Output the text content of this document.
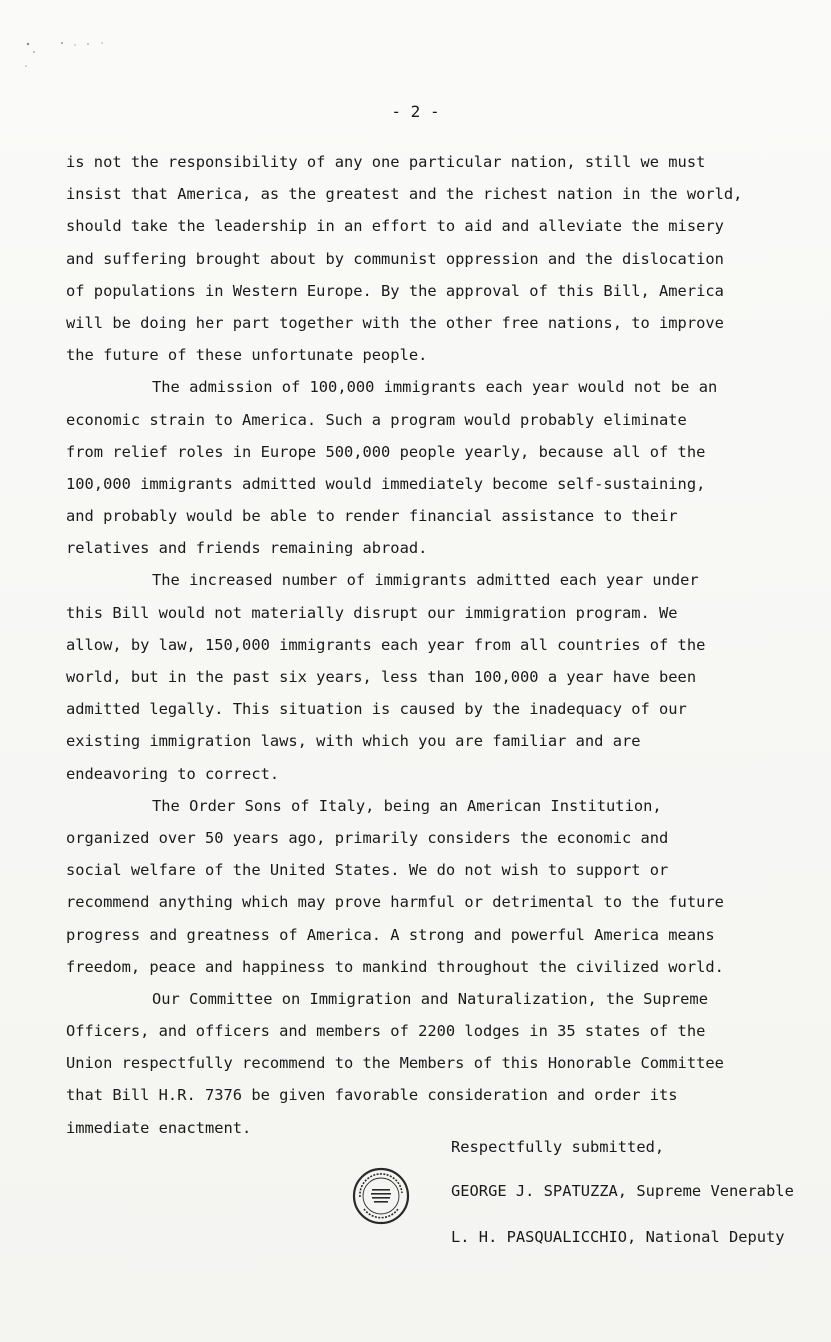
- 2 -
is not the responsibility of any one particular nation, still we must
insist that America, as the greatest and the richest nation in the world,
should take the leadership in an effort to aid and alleviate the misery
and suffering brought about by communist oppression and the dislocation
of populations in Western Europe. By the approval of this Bill, America
will be doing her part together with the other free nations, to improve
the future of these unfortunate people.
The admission of 100,000 immigrants each year would not be an
economic strain to America. Such a program would probably eliminate
from relief roles in Europe 500,000 people yearly, because all of the
100,000 immigrants admitted would immediately become self-sustaining,
and probably would be able to render financial assistance to their
relatives and friends remaining abroad.
The increased number of immigrants admitted each year under
this Bill would not materially disrupt our immigration program. We
allow, by law, 150,000 immigrants each year from all countries of the
world, but in the past six years, less than 100,000 a year have been
admitted legally. This situation is caused by the inadequacy of our
existing immigration laws, with which you are familiar and are
endeavoring to correct.
The Order Sons of Italy, being an American Institution,
organized over 50 years ago, primarily considers the economic and
social welfare of the United States. We do not wish to support or
recommend anything which may prove harmful or detrimental to the future
progress and greatness of America. A strong and powerful America means
freedom, peace and happiness to mankind throughout the civilized world.
Our Committee on Immigration and Naturalization, the Supreme
Officers, and officers and members of 2200 lodges in 35 states of the
Union respectfully recommend to the Members of this Honorable Committee
that Bill H.R. 7376 be given favorable consideration and order its
immediate enactment.
Respectfully submitted,
GEORGE J. SPATUZZA, Supreme Venerable
L. H. PASQUALICCHIO, National Deputy
